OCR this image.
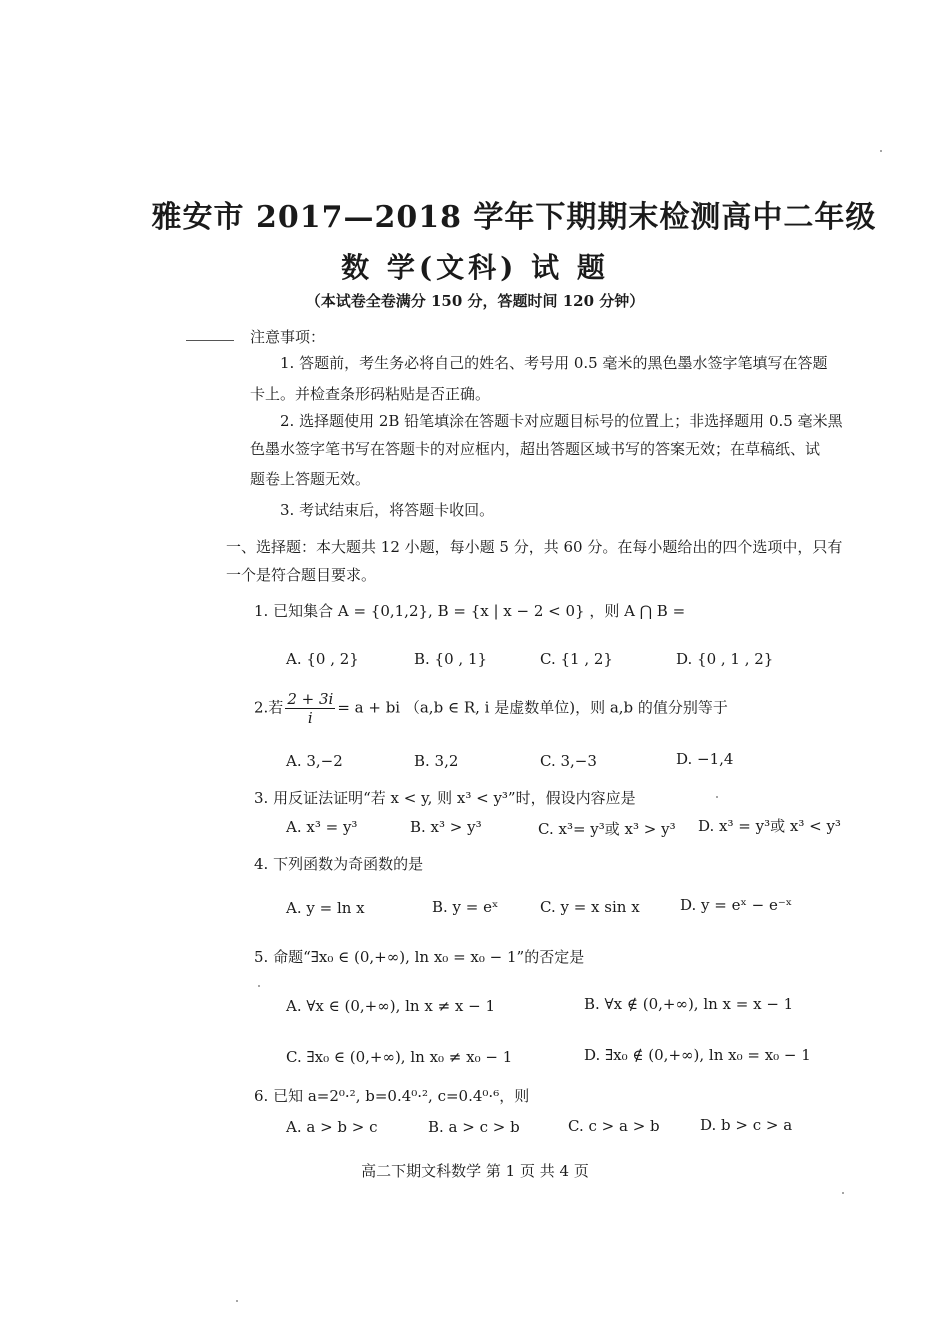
雅安市 2017—2018 学年下期期末检测高中二年级
数 学(文科) 试 题
（本试卷全卷满分 150 分，答题时间 120 分钟）
注意事项：
1. 答题前，考生务必将自己的姓名、考号用 0.5 毫米的黑色墨水签字笔填写在答题
卡上。并检查条形码粘贴是否正确。
2. 选择题使用 2B 铅笔填涂在答题卡对应题目标号的位置上；非选择题用 0.5 毫米黑
色墨水签字笔书写在答题卡的对应框内，超出答题区域书写的答案无效；在草稿纸、试
题卷上答题无效。
3. 考试结束后，将答题卡收回。
一、选择题：本大题共 12 小题，每小题 5 分，共 60 分。在每小题给出的四个选项中，只有
一个是符合题目要求。
1. 已知集合 A = {0,1,2}, B = {x | x − 2 < 0} ，则 A ⋂ B =
A. {0 , 2}	B. {0 , 1}	C. {1 , 2}	D. {0 , 1 , 2}
2.若 $\frac{2 + 3i}{i} = a$ + bi （a,b ∈ R, i 是虚数单位)，则 a,b 的值分别等于
A. 3,−2	B. 3,2	C. 3,−3	D. −1,4
3. 用反证法证明“若 x < y, 则 x³ < y³”时，假设内容应是
A. x³ = y³	B. x³ > y³	C. x³= y³或 x³ > y³ D. x³ = y³或 x³ < y³
4. 下列函数为奇函数的是
A. y = ln x	B. y = eˣ	C. y = x sin x	D. y = eˣ − e⁻ˣ
5. 命题“∃x₀ ∈ (0,+∞), ln x₀ = x₀ − 1”的否定是
A. ∀x ∈ (0,+∞), ln x ≠ x − 1	B. ∀x ∉ (0,+∞), ln x = x − 1
C. ∃x₀ ∈ (0,+∞), ln x₀ ≠ x₀ − 1	D. ∃x₀ ∉ (0,+∞), ln x₀ = x₀ − 1
6. 已知 a=2⁰·², b=0.4⁰·², c=0.4⁰·⁶，则
A. a > b > c	B. a > c > b	C. c > a > b	D. b > c > a
高二下期文科数学 第 1 页 共 4 页
